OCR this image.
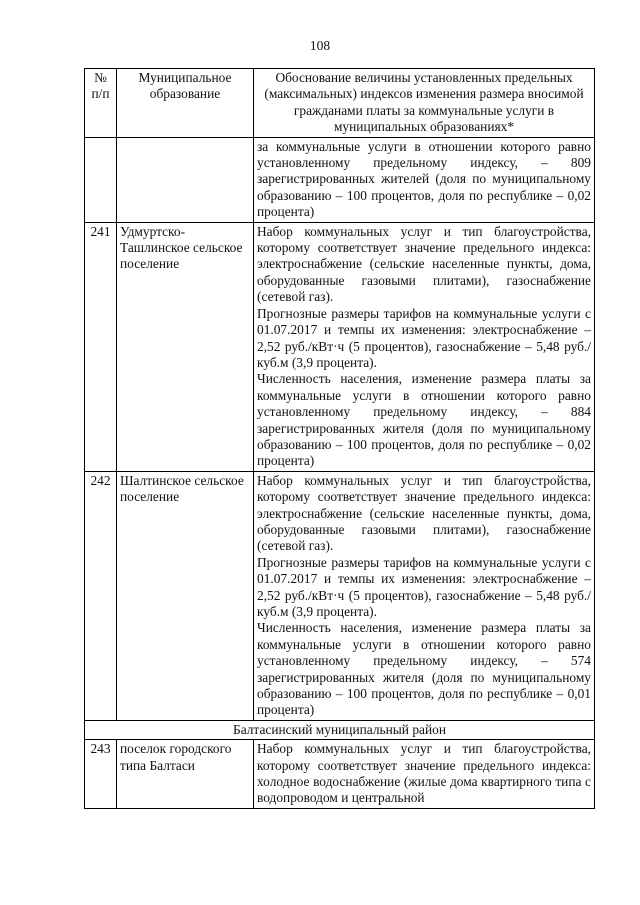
108
№ п/п	Муниципальное образование	Обоснование величины установленных предельных (максимальных) индексов изменения размера вносимой гражданами платы за коммунальные услуги в муниципальных образованиях*

		за коммунальные услуги в отношении которого равно установленному предельному индексу, – 809 зарегистрированных жителей (доля по муниципальному образованию – 100 процентов, доля по республике – 0,02 процента)

241	Удмуртско-Ташлинское сельское поселение	Набор коммунальных услуг и тип благоустройства, которому соответствует значение предельного индекса: электроснабжение (сельские населенные пункты, дома, оборудованные газовыми плитами), газоснабжение (сетевой газ).
Прогнозные размеры тарифов на коммунальные услуги с 01.07.2017 и темпы их изменения: электроснабжение – 2,52 руб./кВт·ч (5 процентов), газоснабжение – 5,48 руб./куб.м (3,9 процента).
Численность населения, изменение размера платы за коммунальные услуги в отношении которого равно установленному предельному индексу, – 884 зарегистрированных жителя (доля по муниципальному образованию – 100 процентов, доля по республике – 0,02 процента)

242	Шалтинское сельское поселение	Набор коммунальных услуг и тип благоустройства, которому соответствует значение предельного индекса: электроснабжение (сельские населенные пункты, дома, оборудованные газовыми плитами), газоснабжение (сетевой газ).
Прогнозные размеры тарифов на коммунальные услуги с 01.07.2017 и темпы их изменения: электроснабжение – 2,52 руб./кВт·ч (5 процентов), газоснабжение – 5,48 руб./куб.м (3,9 процента).
Численность населения, изменение размера платы за коммунальные услуги в отношении которого равно установленному предельному индексу, – 574 зарегистрированных жителя (доля по муниципальному образованию – 100 процентов, доля по республике – 0,01 процента)

Балтасинский муниципальный район		
243	поселок городского типа Балтаси	Набор коммунальных услуг и тип благоустройства, которому соответствует значение предельного индекса: холодное водоснабжение (жилые дома квартирного типа с водопроводом и центральной
